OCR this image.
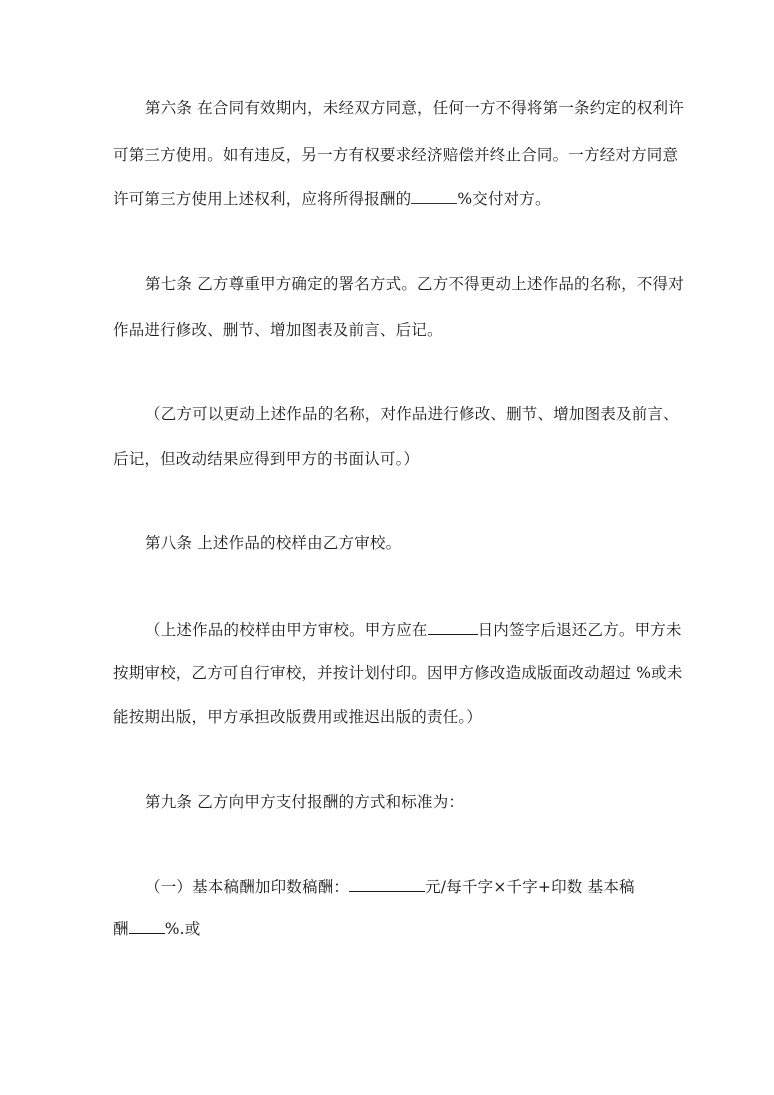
第六条 在合同有效期内，未经双方同意，任何一方不得将第一条约定的权利许
可第三方使用。如有违反，另一方有权要求经济赔偿并终止合同。一方经对方同意
许可第三方使用上述权利，应将所得报酬的	%交付对方。
第七条 乙方尊重甲方确定的署名方式。乙方不得更动上述作品的名称，不得对
作品进行修改、删节、增加图表及前言、后记。
（乙方可以更动上述作品的名称，对作品进行修改、删节、增加图表及前言、
后记，但改动结果应得到甲方的书面认可。）
第八条 上述作品的校样由乙方审校。
（上述作品的校样由甲方审校。甲方应在	日内签字后退还乙方。甲方未
按期审校，乙方可自行审校，并按计划付印。因甲方修改造成版面改动超过 %或未
能按期出版，甲方承担改版费用或推迟出版的责任。）
第九条 乙方向甲方支付报酬的方式和标准为：
（一）基本稿酬加印数稿酬：	元/每千字×千字+印数 基本稿
酬 %.或
